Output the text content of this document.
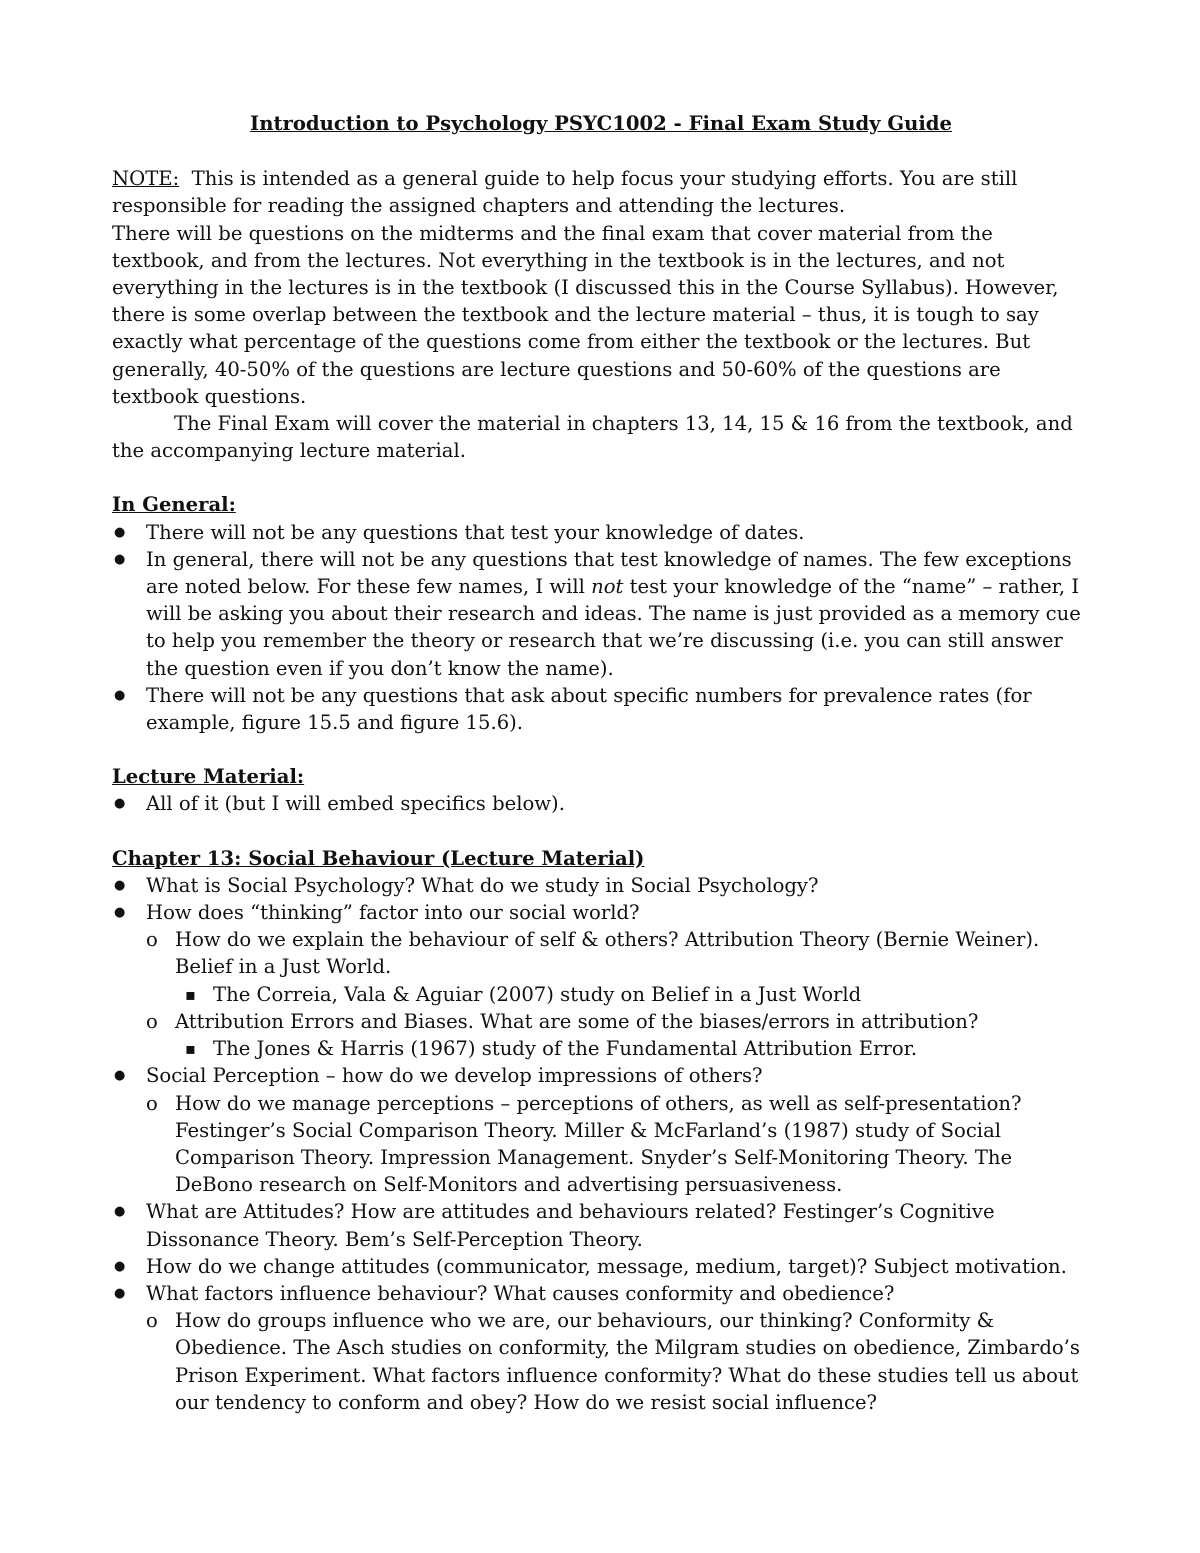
Introduction to Psychology PSYC1002 - Final Exam Study Guide

NOTE: This is intended as a general guide to help focus your studying efforts. You are still responsible for reading the assigned chapters and attending the lectures.

There will be questions on the midterms and the final exam that cover material from the textbook, and from the lectures. Not everything in the textbook is in the lectures, and not everything in the lectures is in the textbook (I discussed this in the Course Syllabus). However, there is some overlap between the textbook and the lecture material – thus, it is tough to say exactly what percentage of the questions come from either the textbook or the lectures. But generally, 40-50% of the questions are lecture questions and 50-60% of the questions are textbook questions.

The Final Exam will cover the material in chapters 13, 14, 15 & 16 from the textbook, and the accompanying lecture material.

In General:
● There will not be any questions that test your knowledge of dates.
● In general, there will not be any questions that test knowledge of names. The few exceptions are noted below. For these few names, I will not test your knowledge of the “name” – rather, I will be asking you about their research and ideas. The name is just provided as a memory cue to help you remember the theory or research that we’re discussing (i.e. you can still answer the question even if you don’t know the name).
● There will not be any questions that ask about specific numbers for prevalence rates (for example, figure 15.5 and figure 15.6).
Lecture Material:
● All of it (but I will embed specifics below).
Chapter 13: Social Behaviour (Lecture Material)
● What is Social Psychology? What do we study in Social Psychology?
● How does “thinking” factor into our social world?
o How do we explain the behaviour of self & others? Attribution Theory (Bernie Weiner). Belief in a Just World.
▪ The Correia, Vala & Aguiar (2007) study on Belief in a Just World
o Attribution Errors and Biases. What are some of the biases/errors in attribution?
▪ The Jones & Harris (1967) study of the Fundamental Attribution Error.
● Social Perception – how do we develop impressions of others?
o How do we manage perceptions – perceptions of others, as well as self-presentation? Festinger’s Social Comparison Theory. Miller & McFarland’s (1987) study of Social Comparison Theory. Impression Management. Snyder’s Self-Monitoring Theory. The DeBono research on Self-Monitors and advertising persuasiveness.
● What are Attitudes? How are attitudes and behaviours related? Festinger’s Cognitive Dissonance Theory. Bem’s Self-Perception Theory.
● How do we change attitudes (communicator, message, medium, target)? Subject motivation.
● What factors influence behaviour? What causes conformity and obedience?
o How do groups influence who we are, our behaviours, our thinking? Conformity & Obedience. The Asch studies on conformity, the Milgram studies on obedience, Zimbardo’s Prison Experiment. What factors influence conformity? What do these studies tell us about our tendency to conform and obey? How do we resist social influence?
